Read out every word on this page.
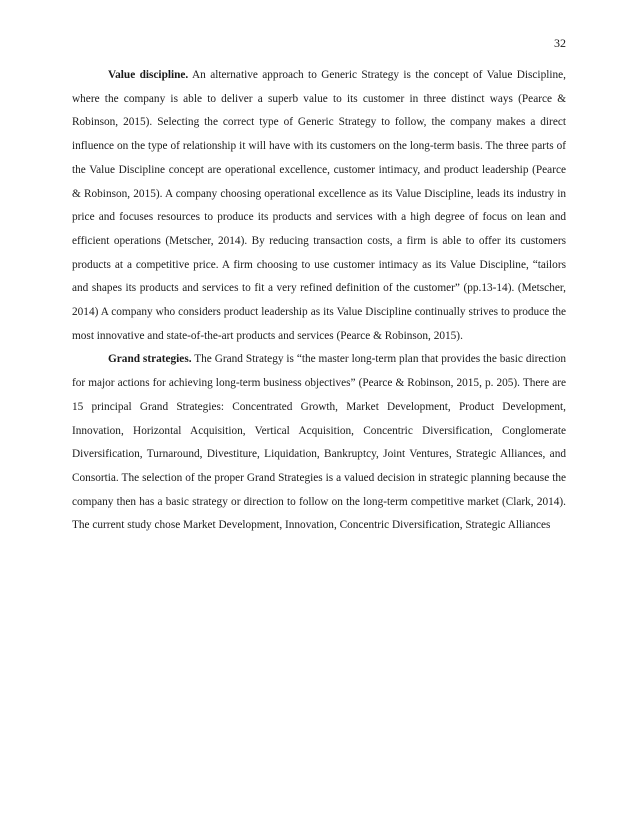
32

Value discipline. An alternative approach to Generic Strategy is the concept of Value Discipline, where the company is able to deliver a superb value to its customer in three distinct ways (Pearce & Robinson, 2015). Selecting the correct type of Generic Strategy to follow, the company makes a direct influence on the type of relationship it will have with its customers on the long-term basis. The three parts of the Value Discipline concept are operational excellence, customer intimacy, and product leadership (Pearce & Robinson, 2015). A company choosing operational excellence as its Value Discipline, leads its industry in price and focuses resources to produce its products and services with a high degree of focus on lean and efficient operations (Metscher, 2014). By reducing transaction costs, a firm is able to offer its customers products at a competitive price. A firm choosing to use customer intimacy as its Value Discipline, “tailors and shapes its products and services to fit a very refined definition of the customer” (pp.13-14). (Metscher, 2014) A company who considers product leadership as its Value Discipline continually strives to produce the most innovative and state-of-the-art products and services (Pearce & Robinson, 2015).

Grand strategies. The Grand Strategy is “the master long-term plan that provides the basic direction for major actions for achieving long-term business objectives” (Pearce & Robinson, 2015, p. 205). There are 15 principal Grand Strategies: Concentrated Growth, Market Development, Product Development, Innovation, Horizontal Acquisition, Vertical Acquisition, Concentric Diversification, Conglomerate Diversification, Turnaround, Divestiture, Liquidation, Bankruptcy, Joint Ventures, Strategic Alliances, and Consortia. The selection of the proper Grand Strategies is a valued decision in strategic planning because the company then has a basic strategy or direction to follow on the long-term competitive market (Clark, 2014). The current study chose Market Development, Innovation, Concentric Diversification, Strategic Alliances
